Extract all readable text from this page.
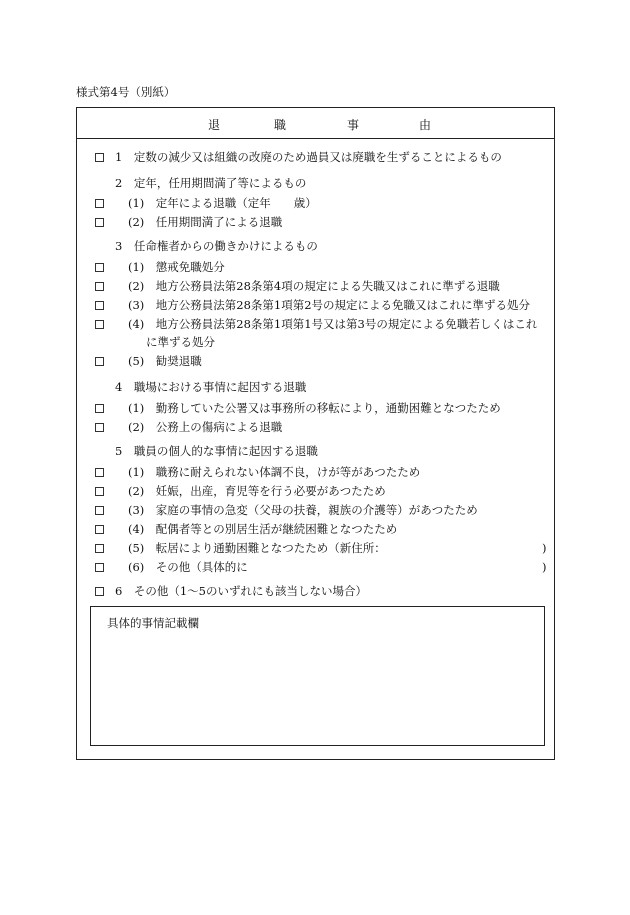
様式第4号（別紙）
退	職	事	由
1　定数の減少又は組織の改廃のため過員又は廃職を生ずることによるもの
2　定年，任用期間満了等によるもの
(1)　定年による退職（定年　　歳）
(2)　任用期間満了による退職
3　任命権者からの働きかけによるもの
(1)　懲戒免職処分
(2)　地方公務員法第28条第4項の規定による失職又はこれに準ずる退職
(3)　地方公務員法第28条第1項第2号の規定による免職又はこれに準ずる処分
(4)　地方公務員法第28条第1項第1号又は第3号の規定による免職若しくはこれ
に準ずる処分
(5)　勧奨退職
4　職場における事情に起因する退職
(1)　勤務していた公署又は事務所の移転により，通勤困難となつたため
(2)　公務上の傷病による退職
5　職員の個人的な事情に起因する退職
(1)　職務に耐えられない体調不良，けが等があつたため
(2)　妊娠，出産，育児等を行う必要があつたため
(3)　家庭の事情の急変（父母の扶養，親族の介護等）があつたため
(4)　配偶者等との別居生活が継続困難となつたため
(5)　転居により通勤困難となつたため（新住所：	)
(6)　その他（具体的に	)
6　その他（1～5のいずれにも該当しない場合）
具体的事情記載欄
